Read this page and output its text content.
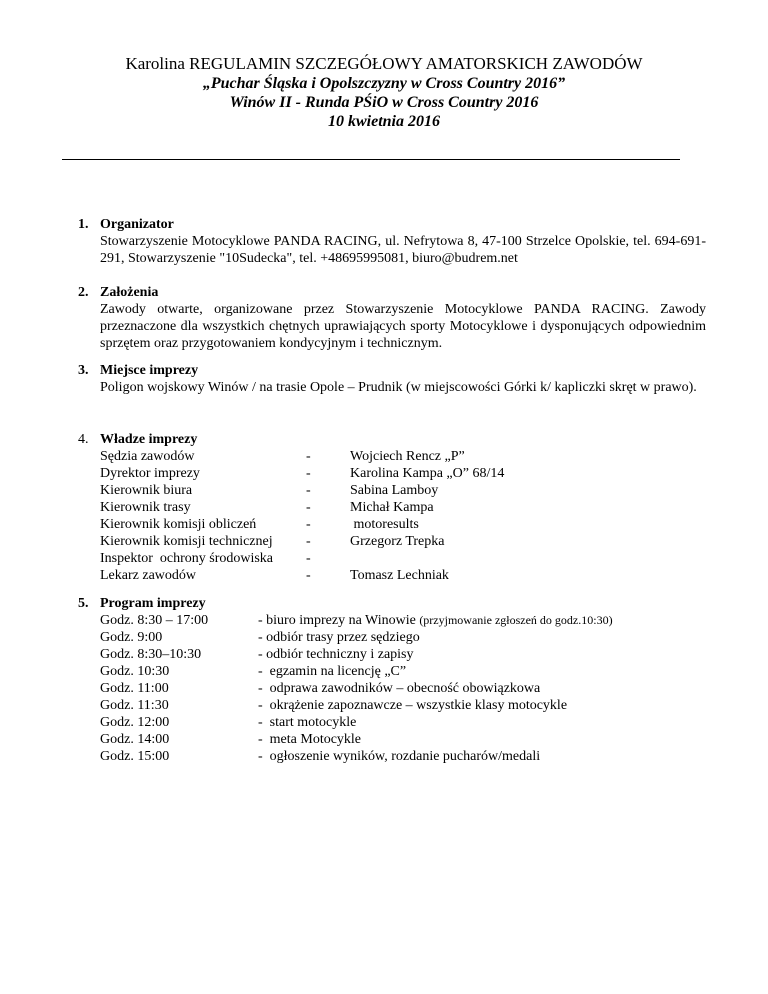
Karolina REGULAMIN SZCZEGÓŁOWY AMATORSKICH ZAWODÓW
„Puchar Śląska i Opolszczyzny w Cross Country 2016”
Winów II - Runda PŚiO w Cross Country 2016
10 kwietnia 2016
1. Organizator
Stowarzyszenie Motocyklowe PANDA RACING, ul. Nefrytowa 8, 47-100 Strzelce Opolskie, tel. 694-691-291, Stowarzyszenie "10Sudecka", tel. +48695995081, biuro@budrem.net
2. Założenia
Zawody otwarte, organizowane przez Stowarzyszenie Motocyklowe PANDA RACING. Zawody przeznaczone dla wszystkich chętnych uprawiających sporty Motocyklowe i dysponujących odpowiednim sprzętem oraz przygotowaniem kondycyjnym i technicznym.
3. Miejsce imprezy
Poligon wojskowy Winów / na trasie Opole – Prudnik (w miejscowości Górki k/ kapliczki skręt w prawo).
4. Władze imprezy
Sędzia zawodów	-	Wojciech Rencz „P”
Dyrektor imprezy	-	Karolina Kampa „O” 68/14
Kierownik biura	-	Sabina Lamboy
Kierownik trasy	-	Michał Kampa
Kierownik komisji obliczeń	-	motoresults
Kierownik komisji technicznej -	Grzegorz Trepka
Inspektor  ochrony środowiska -
Lekarz zawodów	-	Tomasz Lechniak
5. Program imprezy
Godz. 8:30 – 17:00	- biuro imprezy na Winowie (przyjmowanie zgłoszeń do godz.10:30)
Godz. 9:00	- odbiór trasy przez sędziego
Godz. 8:30–10:30	- odbiór techniczny i zapisy
Godz. 10:30	-  egzamin na licencję „C”
Godz. 11:00	-  odprawa zawodników – obecność obowiązkowa
Godz. 11:30	-  okrążenie zapoznawcze – wszystkie klasy motocykle
Godz. 12:00	-  start motocykle
Godz. 14:00	-  meta Motocykle
Godz. 15:00	-  ogłoszenie wyników, rozdanie pucharów/medali
